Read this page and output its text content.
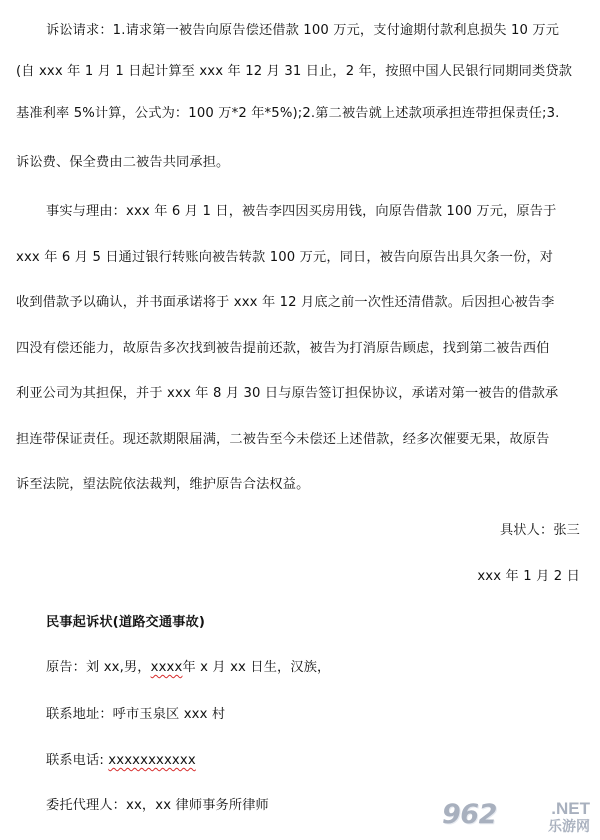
诉讼请求：1.请求第一被告向原告偿还借款 100 万元，支付逾期付款利息损失 10 万元
(自 xxx 年 1 月 1 日起计算至 xxx 年 12 月 31 日止，2 年，按照中国人民银行同期同类贷款
基准利率 5%计算，公式为：100 万*2 年*5%);2.第二被告就上述款项承担连带担保责任;3.
诉讼费、保全费由二被告共同承担。
事实与理由：xxx 年 6 月 1 日，被告李四因买房用钱，向原告借款 100 万元，原告于
xxx 年 6 月 5 日通过银行转账向被告转款 100 万元，同日，被告向原告出具欠条一份，对
收到借款予以确认，并书面承诺将于 xxx 年 12 月底之前一次性还清借款。后因担心被告李
四没有偿还能力，故原告多次找到被告提前还款，被告为打消原告顾虑，找到第二被告西伯
利亚公司为其担保，并于 xxx 年 8 月 30 日与原告签订担保协议，承诺对第一被告的借款承
担连带保证责任。现还款期限届满，二被告至今未偿还上述借款，经多次催要无果，故原告
诉至法院，望法院依法裁判，维护原告合法权益。
具状人：张三
xxx 年 1 月 2 日
民事起诉状(道路交通事故)
原告：刘 xx,男，xxxx年 x 月 xx 日生，汉族，
联系地址：呼市玉泉区 xxx 村
联系电话: xxxxxxxxxxx
委托代理人：xx，xx 律师事务所律师	962	.NET
乐游网
